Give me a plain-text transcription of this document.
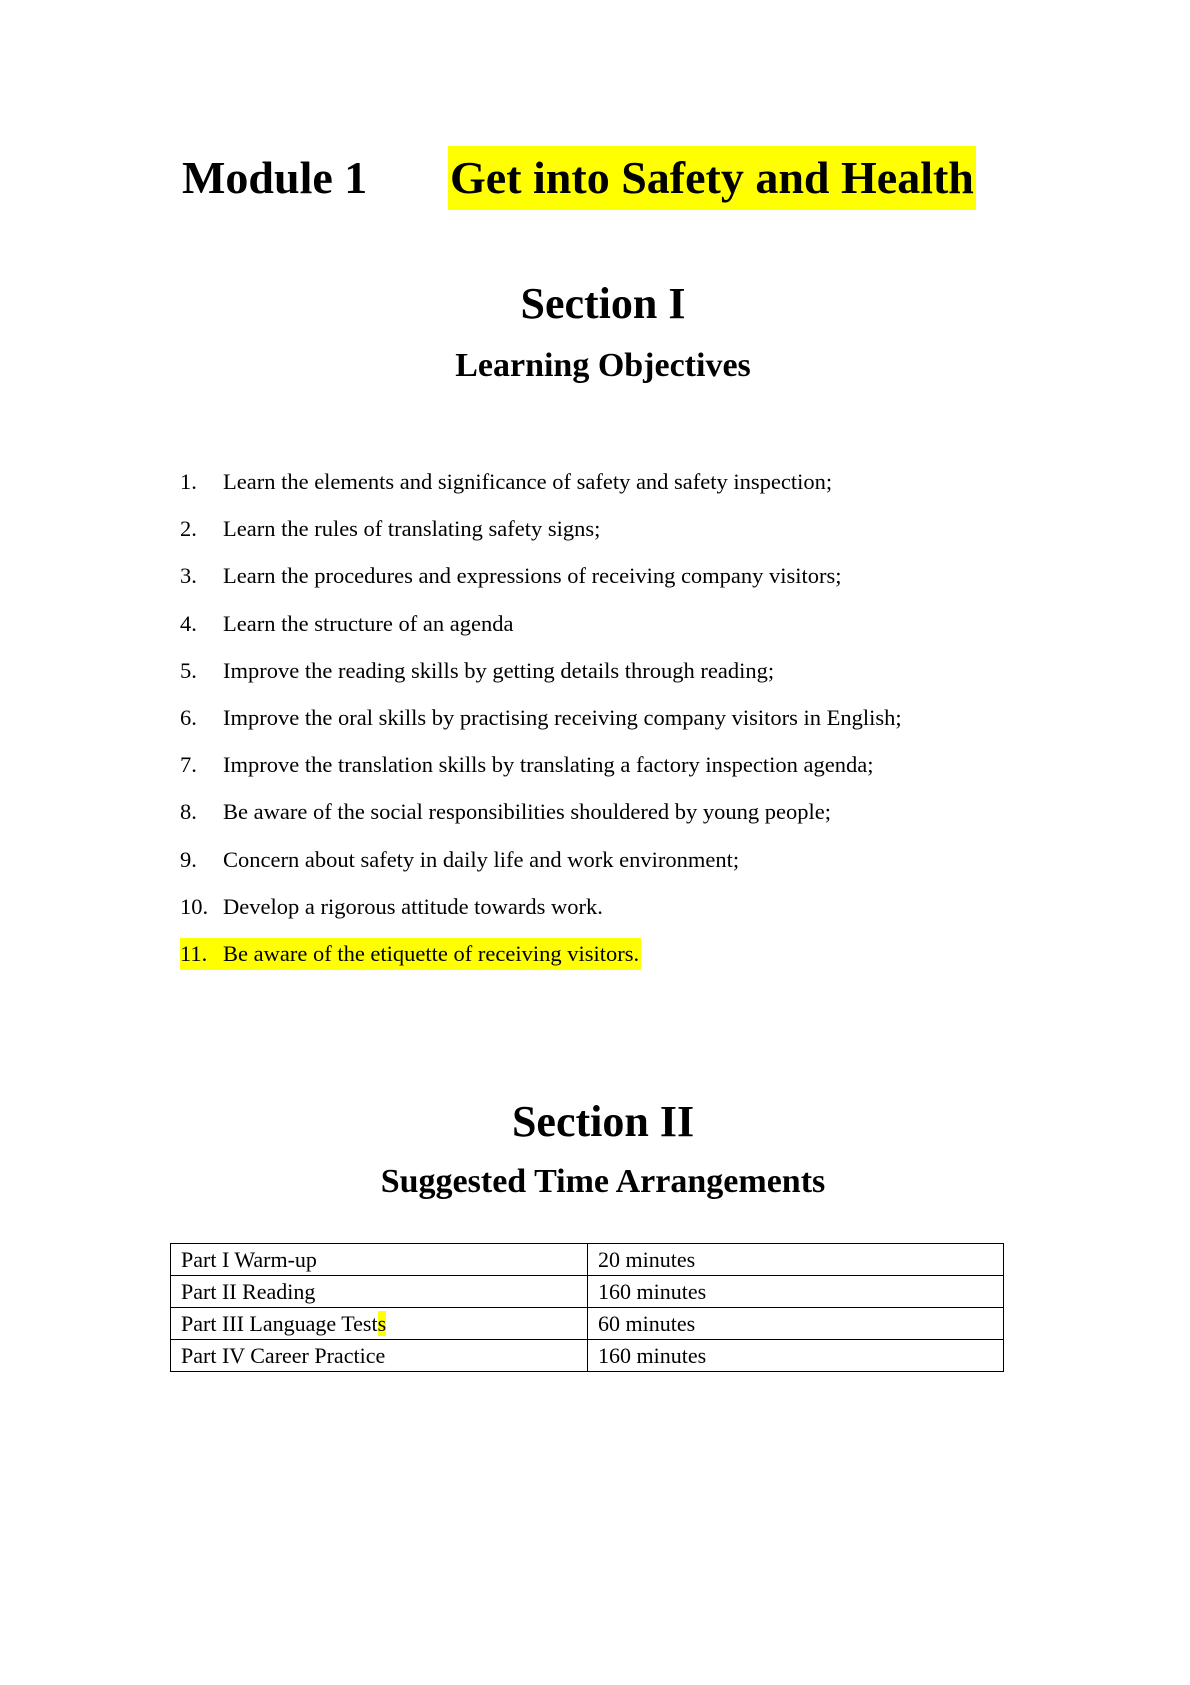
Module 1 Get into Safety and Health
Section I
Learning Objectives
1. Learn the elements and significance of safety and safety inspection;
2. Learn the rules of translating safety signs;
3. Learn the procedures and expressions of receiving company visitors;
4. Learn the structure of an agenda
5. Improve the reading skills by getting details through reading;
6. Improve the oral skills by practising receiving company visitors in English;
7. Improve the translation skills by translating a factory inspection agenda;
8. Be aware of the social responsibilities shouldered by young people;
9. Concern about safety in daily life and work environment;
10. Develop a rigorous attitude towards work.
11. Be aware of the etiquette of receiving visitors.
Section II
Suggested Time Arrangements
Part I Warm-up	20 minutes
Part II Reading	160 minutes
Part III Language Tests	60 minutes
Part IV Career Practice	160 minutes
